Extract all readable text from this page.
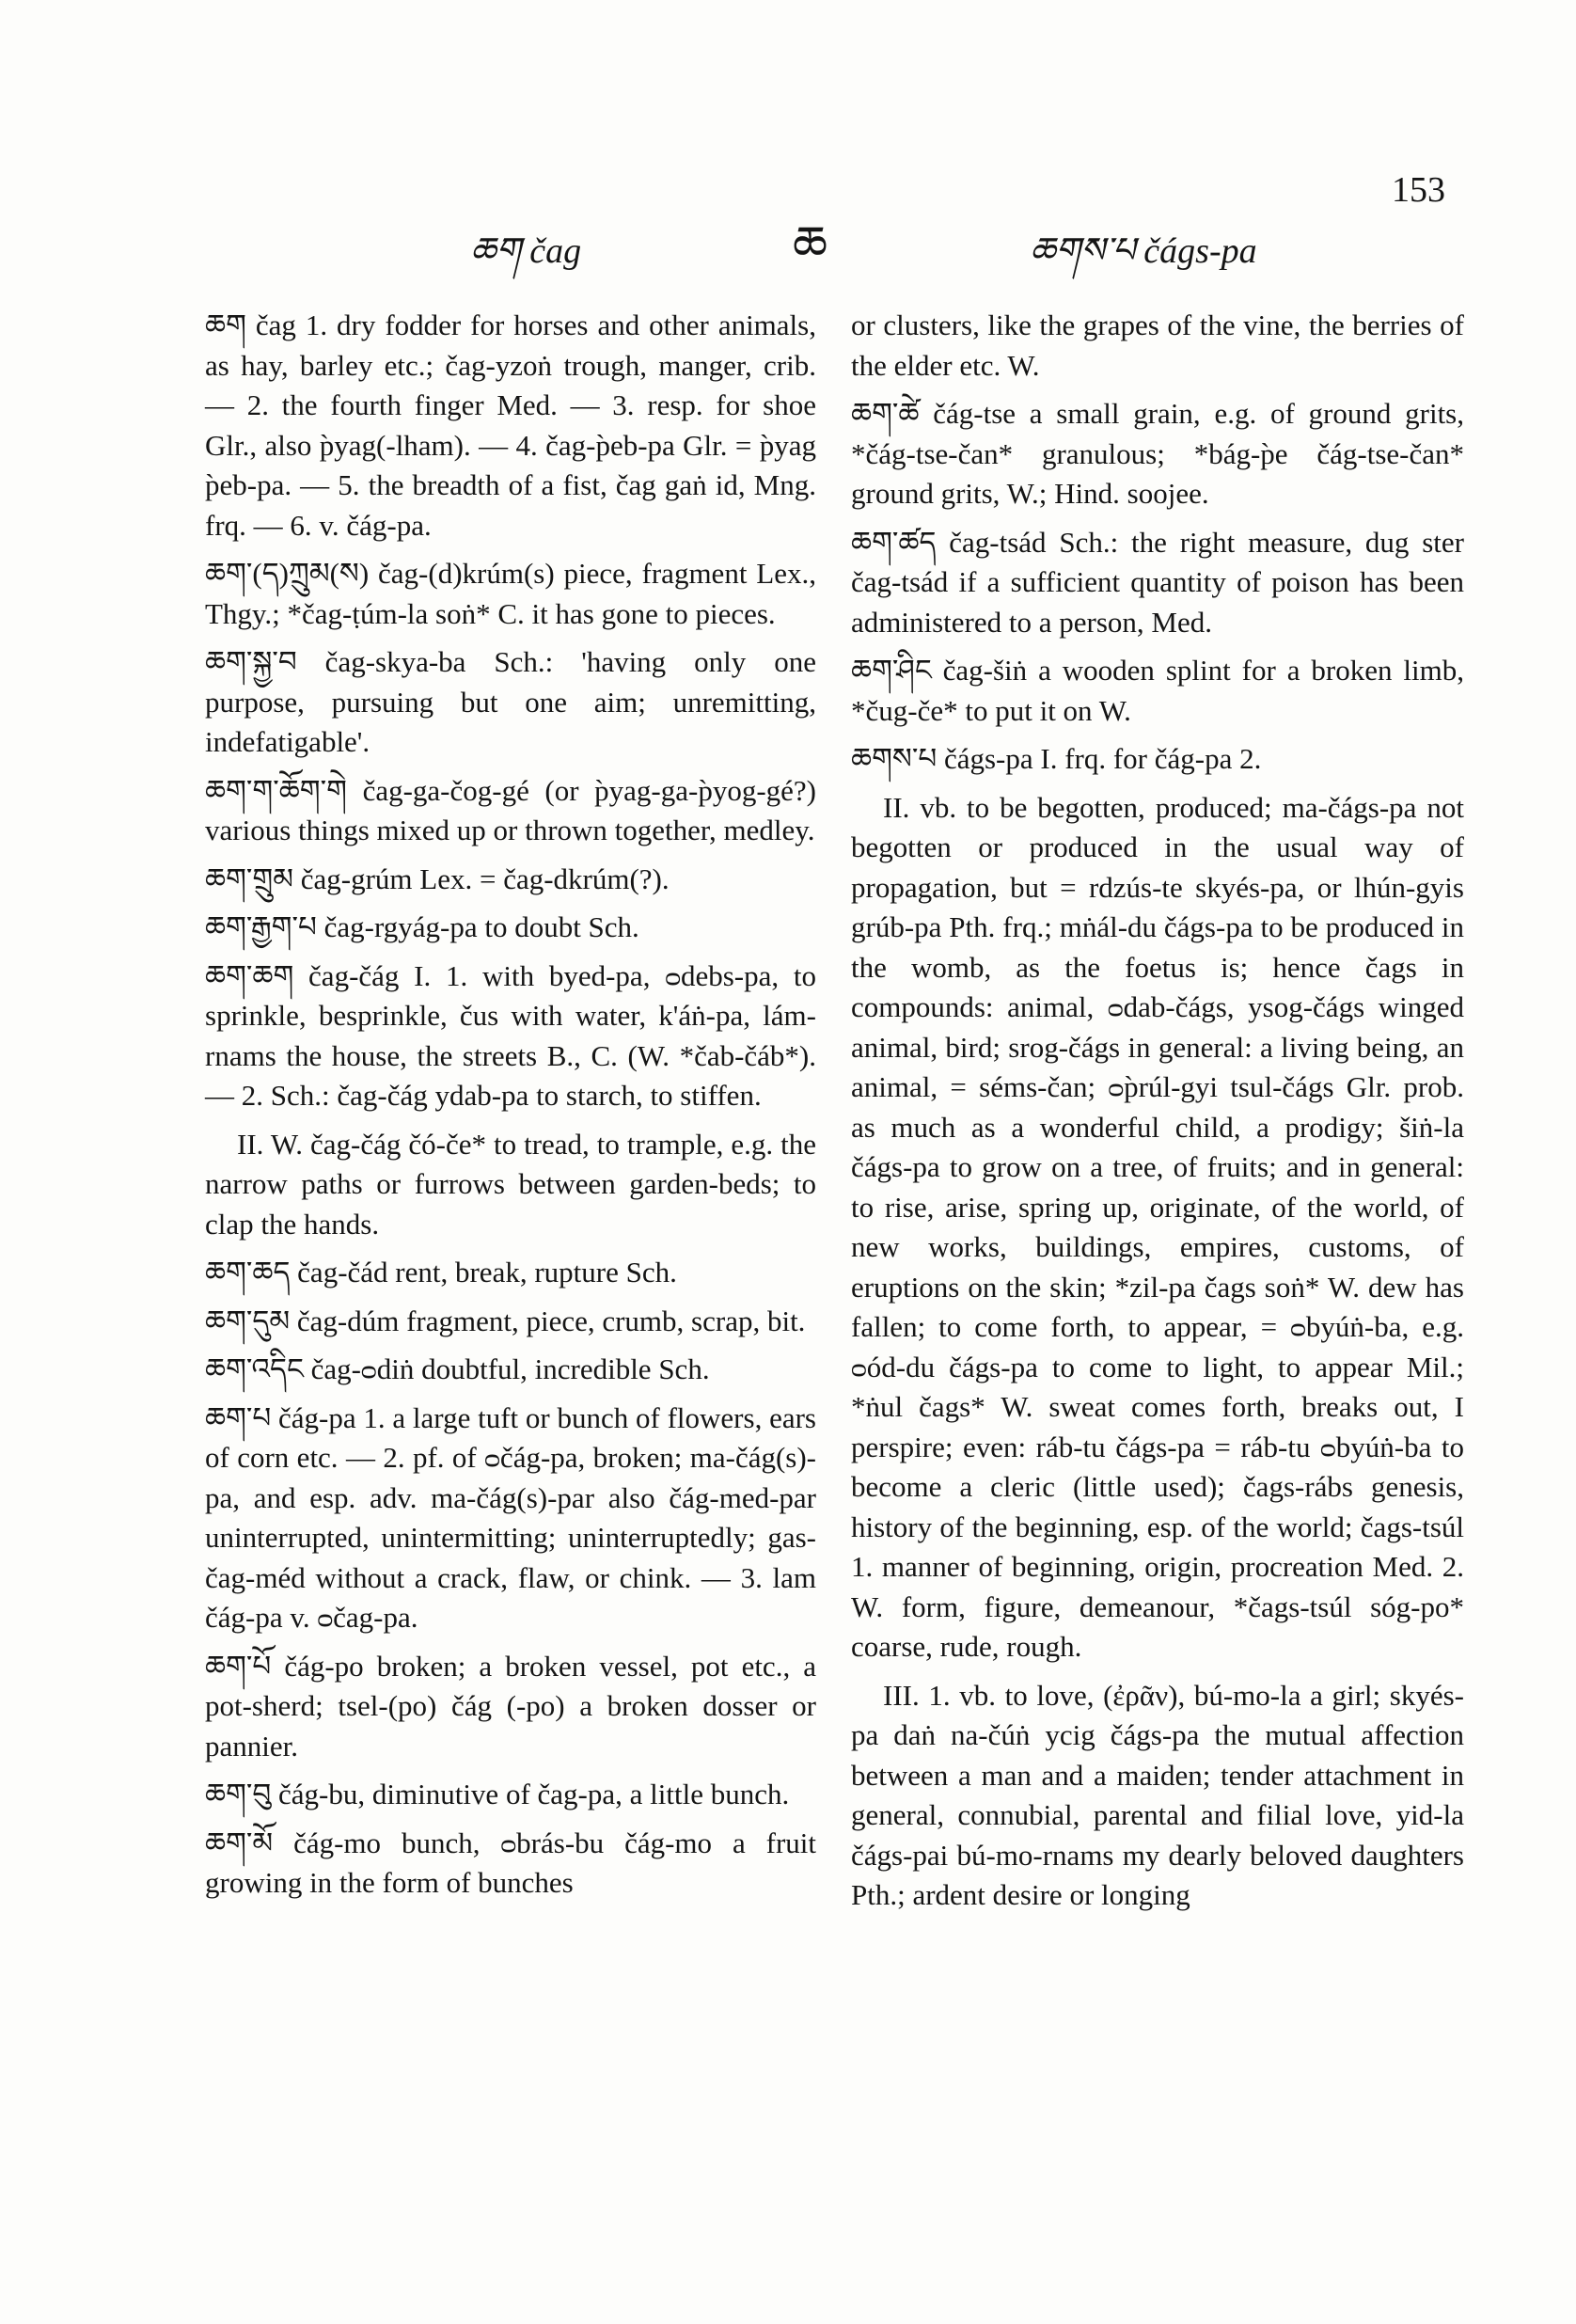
ཆག čag	ཆ	ཆགས་པ čágs-pa
153

ཆག čag 1. dry fodder for horses and other animals, as hay, barley etc.; čag-yzoṅ trough, manger, crib. — 2. the fourth finger Med. — 3. resp. for shoe Glr., also p̀yag(-lham). — 4. čag-p̀eb-pa Glr. = p̀yag p̀eb-pa. — 5. the breadth of a fist, čag gaṅ id, Mng. frq. — 6. v. čág-pa.

ཆག་(ད)ཀྲུམ(ས) čag-(d)krúm(s) piece, fragment Lex., Thgy.; *čag-ṭúm-la soṅ* C. it has gone to pieces.

ཆག་སྐྱ་བ čag-skya-ba Sch.: 'having only one purpose, pursuing but one aim; unremitting, indefatigable'.

ཆག་ག་ཆོག་གེ čag-ga-čog-gé (or p̀yag-ga-p̀yog-gé?) various things mixed up or thrown together, medley.

ཆག་གྲུམ čag-grúm Lex. = čag-dkrúm(?).

ཆག་རྒྱག་པ čag-rgyág-pa to doubt Sch.

ཆག་ཆག čag-čág I. 1. with byed-pa, ᴑdebs-pa, to sprinkle, besprinkle, čus with water, k'áṅ-pa, lám-rnams the house, the streets B., C. (W. *čab-čáb*). — 2. Sch.: čag-čág ydab-pa to starch, to stiffen.

II. W. čag-čág čó-če* to tread, to trample, e.g. the narrow paths or furrows between garden-beds; to clap the hands.

ཆག་ཆད čag-čád rent, break, rupture Sch.

ཆག་དུམ čag-dúm fragment, piece, crumb, scrap, bit.

ཆག་འདིང čag-ᴑdiṅ doubtful, incredible Sch.

ཆག་པ čág-pa 1. a large tuft or bunch of flowers, ears of corn etc. — 2. pf. of ᴑčág-pa, broken; ma-čág(s)-pa, and esp. adv. ma-čág(s)-par also čág-med-par uninterrupted, unintermitting; uninterruptedly; gas-čag-méd without a crack, flaw, or chink. — 3. lam čág-pa v. ᴑčag-pa.

ཆག་པོ čág-po broken; a broken vessel, pot etc., a pot-sherd; tsel-(po) čág (-po) a broken dosser or pannier.

ཆག་བུ čág-bu, diminutive of čag-pa, a little bunch.

ཆག་མོ čág-mo bunch, ᴑbrás-bu čág-mo a fruit growing in the form of bunches

or clusters, like the grapes of the vine, the berries of the elder etc. W.

ཆག་ཚེ čág-tse a small grain, e.g. of ground grits, *čág-tse-čan* granulous; *bág-p̀e čág-tse-čan* ground grits, W.; Hind. soojee.

ཆག་ཚད čag-tsád Sch.: the right measure, dug ster čag-tsád if a sufficient quantity of poison has been administered to a person, Med.

ཆག་ཤིང čag-šiṅ a wooden splint for a broken limb, *čug-če* to put it on W.

ཆགས་པ čágs-pa I. frq. for čág-pa 2.

II. vb. to be begotten, produced; ma-čágs-pa not begotten or produced in the usual way of propagation, but = rdzús-te skyés-pa, or lhún-gyis grúb-pa Pth. frq.; mṅál-du čágs-pa to be produced in the womb, as the foetus is; hence čags in compounds: animal, ᴑdab-čágs, ysog-čágs winged animal, bird; srog-čágs in general: a living being, an animal, = séms-čan; ᴑp̀rúl-gyi tsul-čágs Glr. prob. as much as a wonderful child, a prodigy; šiṅ-la čágs-pa to grow on a tree, of fruits; and in general: to rise, arise, spring up, originate, of the world, of new works, buildings, empires, customs, of eruptions on the skin; *zil-pa čags soṅ* W. dew has fallen; to come forth, to appear, = ᴑbyúṅ-ba, e.g. ᴑód-du čágs-pa to come to light, to appear Mil.; *ṅul čags* W. sweat comes forth, breaks out, I perspire; even: ráb-tu čágs-pa = ráb-tu ᴑbyúṅ-ba to become a cleric (little used); čags-rábs genesis, history of the beginning, esp. of the world; čags-tsúl 1. manner of beginning, origin, procreation Med. 2. W. form, figure, demeanour, *čags-tsúl sóg-po* coarse, rude, rough.

III. 1. vb. to love, (ἐρᾶν), bú-mo-la a girl; skyés-pa daṅ na-čúṅ ycig čágs-pa the mutual affection between a man and a maiden; tender attachment in general, connubial, parental and filial love, yid-la čágs-pai bú-mo-rnams my dearly beloved daughters Pth.; ardent desire or longing
